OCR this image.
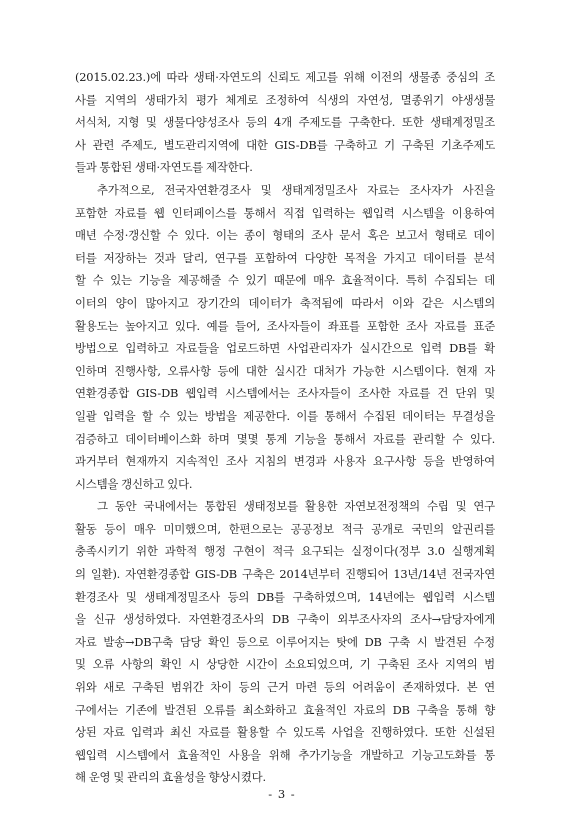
(2015.02.23.)에 따라 생태·자연도의 신뢰도 제고를 위해 이전의 생물종 중심의 조
사를 지역의 생태가치 평가 체계로 조정하여 식생의 자연성, 멸종위기 야생생물
서식처, 지형 및 생물다양성조사 등의 4개 주제도를 구축한다. 또한 생태계정밀조
사 관련 주제도, 별도관리지역에 대한 GIS-DB를 구축하고 기 구축된 기초주제도
들과 통합된 생태·자연도를 제작한다.

추가적으로, 전국자연환경조사 및 생태계정밀조사 자료는 조사자가 사진을
포함한 자료를 웹 인터페이스를 통해서 직접 입력하는 웹입력 시스템을 이용하여
매년 수정·갱신할 수 있다. 이는 종이 형태의 조사 문서 혹은 보고서 형태로 데이
터를 저장하는 것과 달리, 연구를 포함하여 다양한 목적을 가지고 데이터를 분석
할 수 있는 기능을 제공해줄 수 있기 때문에 매우 효율적이다. 특히 수집되는 데
이터의 양이 많아지고 장기간의 데이터가 축적됨에 따라서 이와 같은 시스템의
활용도는 높아지고 있다. 예를 들어, 조사자들이 좌표를 포함한 조사 자료를 표준
방법으로 입력하고 자료들을 업로드하면 사업관리자가 실시간으로 입력 DB를 확
인하며 진행사항, 오류사항 등에 대한 실시간 대처가 가능한 시스템이다. 현재 자
연환경종합 GIS-DB 웹입력 시스템에서는 조사자들이 조사한 자료를 건 단위 및
일괄 입력을 할 수 있는 방법을 제공한다. 이를 통해서 수집된 데이터는 무결성을
검증하고 데이터베이스화 하며 몇몇 통계 기능을 통해서 자료를 관리할 수 있다.
과거부터 현재까지 지속적인 조사 지침의 변경과 사용자 요구사항 등을 반영하여
시스템을 갱신하고 있다.

그 동안 국내에서는 통합된 생태정보를 활용한 자연보전정책의 수립 및 연구
활동 등이 매우 미미했으며, 한편으로는 공공정보 적극 공개로 국민의 알권리를
충족시키기 위한 과학적 행정 구현이 적극 요구되는 실정이다(정부 3.0 실행계획
의 일환). 자연환경종합 GIS-DB 구축은 2014년부터 진행되어 13년/14년 전국자연
환경조사 및 생태계정밀조사 등의 DB를 구축하였으며, 14년에는 웹입력 시스템
을 신규 생성하였다. 자연환경조사의 DB 구축이 외부조사자의 조사→담당자에게
자료 발송→DB구축 담당 확인 등으로 이루어지는 탓에 DB 구축 시 발견된 수정
및 오류 사항의 확인 시 상당한 시간이 소요되었으며, 기 구축된 조사 지역의 범
위와 새로 구축된 범위간 차이 등의 근거 마련 등의 어려움이 존재하였다. 본 연
구에서는 기존에 발견된 오류를 최소화하고 효율적인 자료의 DB 구축을 통해 향
상된 자료 입력과 최신 자료를 활용할 수 있도록 사업을 진행하였다. 또한 신설된
웹입력 시스템에서 효율적인 사용을 위해 추가기능을 개발하고 기능고도화를 통
해 운영 및 관리의 효율성을 향상시켰다.

- 3 -
